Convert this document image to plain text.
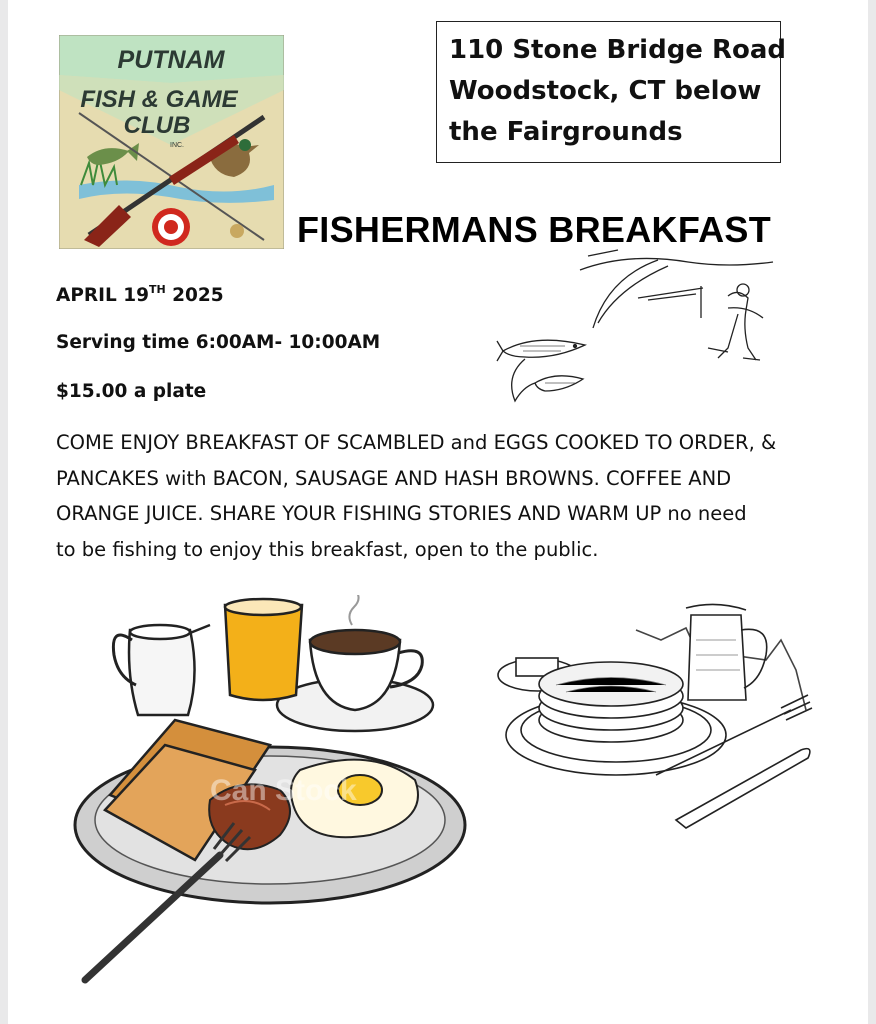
PUTNAM
FISH & GAME
CLUB
INC.
110 Stone Bridge Road
Woodstock, CT below
the Fairgrounds
FISHERMANS BREAKFAST
APRIL 19TH 2025
Serving time 6:00AM- 10:00AM
$15.00 a plate
COME ENJOY BREAKFAST OF SCAMBLED and EGGS COOKED TO ORDER, &
PANCAKES with BACON, SAUSAGE AND HASH BROWNS. COFFEE AND
ORANGE JUICE. SHARE YOUR FISHING STORIES AND WARM UP no need
to be fishing to enjoy this breakfast, open to the public.
Can Stock
